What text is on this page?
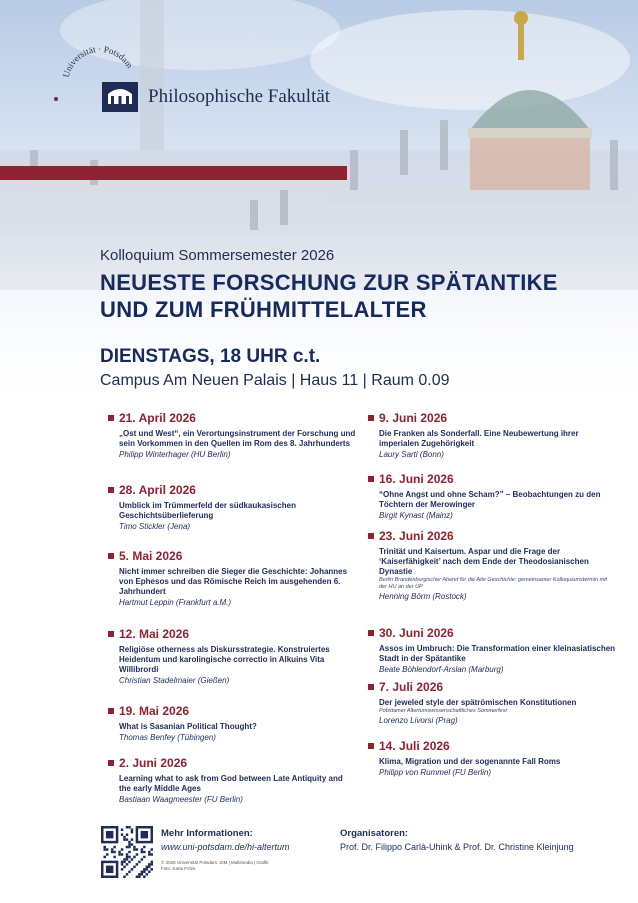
Universität · Potsdam
Philosophische Fakultät
Kolloquium Sommersemester 2026
NEUESTE FORSCHUNG ZUR SPÄTANTIKE
UND ZUM FRÜHMITTELALTER
DIENSTAGS, 18 UHR c.t.
Campus Am Neuen Palais | Haus 11 | Raum 0.09
21. April 2026
„Ost und West“, ein Verortungsinstrument der Forschung und sein Vorkommen in den Quellen im Rom des 8. Jahrhunderts
Philipp Winterhager (HU Berlin)
28. April 2026
Umblick im Trümmerfeld der südkaukasischen Geschichtsüberlieferung
Timo Stickler (Jena)
5. Mai 2026
Nicht immer schreiben die Sieger die Geschichte: Johannes von Ephesos und das Römische Reich im ausgehenden 6. Jahrhundert
Hartmut Leppin (Frankfurt a.M.)
12. Mai 2026
Religiöse otherness als Diskursstrategie. Konstruiertes Heidentum und karolingische correctio in Alkuins Vita Willibrordi
Christian Stadelmaier (Gießen)
19. Mai 2026
What is Sasanian Political Thought?
Thomas Benfey (Tübingen)
2. Juni 2026
Learning what to ask from God between Late Antiquity and the early Middle Ages
Bastiaan Waagmeester (FU Berlin)
9. Juni 2026
Die Franken als Sonderfall. Eine Neubewertung ihrer imperialen Zugehörigkeit
Laury Sarti (Bonn)
16. Juni 2026
“Ohne Angst und ohne Scham?” – Beobachtungen zu den Töchtern der Merowinger
Birgit Kynast (Mainz)
23. Juni 2026
Trinität und Kaisertum. Aspar und die Frage der ‘Kaiserfähigkeit’ nach dem Ende der Theodosianischen Dynastie
Berlin Brandenburgischer Abend für die Alte Geschichte: gemeinsamer Kolloquiumstermin mit der HU an der UP
Henning Börm (Rostock)
30. Juni 2026
Assos im Umbruch: Die Transformation einer kleinasiatischen Stadt in der Spätantike
Beate Böhlendorf-Arslan (Marburg)
7. Juli 2026
Der jeweled style der spätrömischen Konstitutionen
Potsdamer Altertumswissenschaftliches Sommerfest
Lorenzo Livorsi (Prag)
14. Juli 2026
Klima, Migration und der sogenannte Fall Roms
Philipp von Rummel (FU Berlin)
Mehr Informationen:
www.uni-potsdam.de/hi-altertum
© 2026 Universität Potsdam, ZIM | Multimedia | Grafik
Foto: Karla Fritze
Organisatoren:
Prof. Dr. Filippo Carlà-Uhink & Prof. Dr. Christine Kleinjung
